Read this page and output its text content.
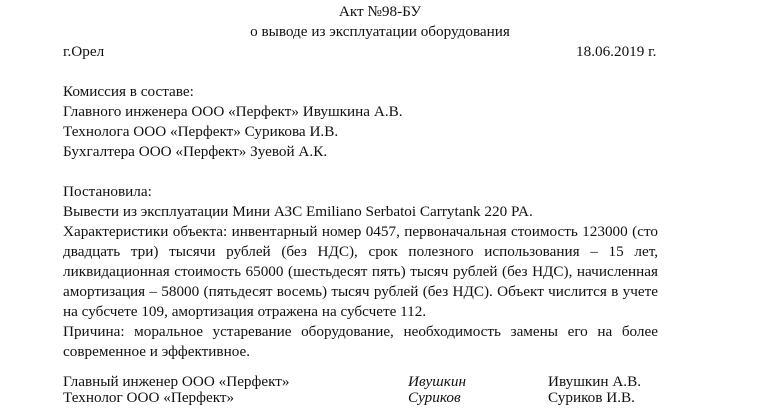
Акт №98-БУ
о выводе из эксплуатации оборудования
г.Орел	18.06.2019 г.
Комиссия в составе:
Главного инженера ООО «Перфект» Ивушкина А.В.
Технолога ООО «Перфект» Сурикова И.В.
Бухгалтера ООО «Перфект» Зуевой А.К.
Постановила:
Вывести из эксплуатации Мини АЗС Emiliano Serbatoi Carrytank 220 PA.
Характеристики объекта: инвентарный номер 0457, первоначальная стоимость 123000 (сто
двадцать три) тысячи рублей (без НДС), срок полезного использования – 15 лет,
ликвидационная стоимость 65000 (шестьдесят пять) тысяч рублей (без НДС), начисленная
амортизация – 58000 (пятьдесят восемь) тысяч рублей (без НДС). Объект числится в учете
на субсчете 109, амортизация отражена на субсчете 112.
Причина: моральное устаревание оборудование, необходимость замены его на более
современное и эффективное.
Главный инженер ООО «Перфект»	Ивушкин	Ивушкин А.В.
Технолог ООО «Перфект»	Суриков	Суриков И.В.
